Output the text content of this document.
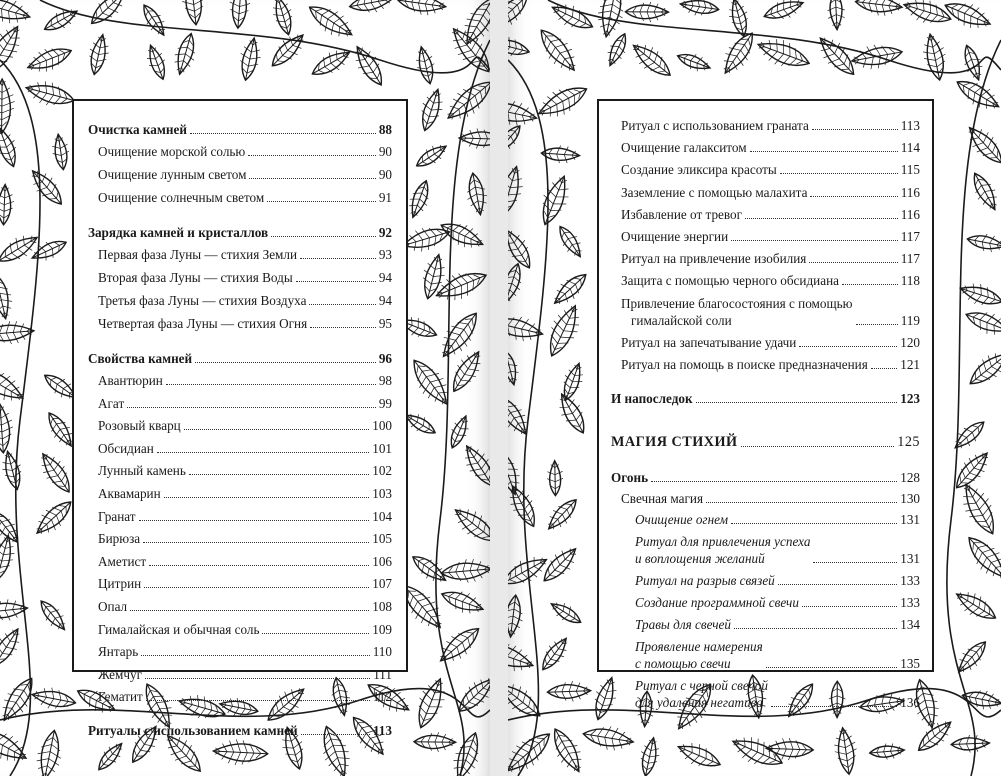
Очистка камней	88
Очищение морской солью	90
Очищение лунным светом	90
Очищение солнечным светом	91
Зарядка камней и кристаллов	92
Первая фаза Луны — стихия Земли	93
Вторая фаза Луны — стихия Воды	94
Третья фаза Луны — стихия Воздуха	94
Четвертая фаза Луны — стихия Огня	95
Свойства камней	96
Авантюрин	98
Агат	99
Розовый кварц	100
Обсидиан	101
Лунный камень	102
Аквамарин	103
Гранат	104
Бирюза	105
Аметист	106
Цитрин	107
Опал	108
Гималайская и обычная соль	109
Янтарь	110
Жемчуг	111
Гематит	112
Ритуалы с использованием камней	113
Ритуал с использованием граната	113
Очищение галакситом	114
Создание эликсира красоты	115
Заземление с помощью малахита	116
Избавление от тревог	116
Очищение энергии	117
Ритуал на привлечение изобилия	117
Защита с помощью черного обсидиана	118
Привлечение благосостояния с помощью
гималайской соли	119
Ритуал на запечатывание удачи	120
Ритуал на помощь в поиске предназначения 121
И напоследок	123
МАГИЯ СТИХИЙ	125
Огонь	128
Свечная магия	130
Очищение огнем	131
Ритуал для привлечения успеха
и воплощения желаний	131
Ритуал на разрыв связей	133
Создание программной свечи	133
Травы для свечей	134
Проявление намерения
с помощью свечи	135
Ритуал с черной свечой
для удаления негатива	136
